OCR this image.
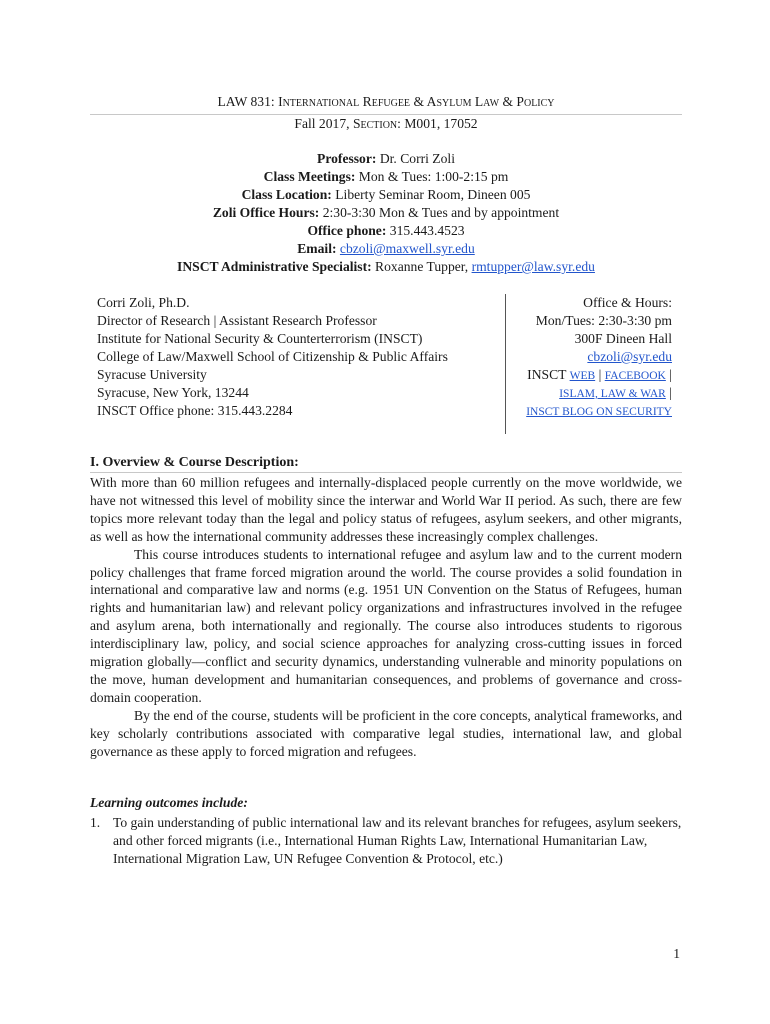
LAW 831: International Refugee & Asylum Law & Policy
Fall 2017, Section: M001, 17052
Professor: Dr. Corri Zoli
Class Meetings: Mon & Tues: 1:00-2:15 pm
Class Location: Liberty Seminar Room, Dineen 005
Zoli Office Hours: 2:30-3:30 Mon & Tues and by appointment
Office phone: 315.443.4523
Email: cbzoli@maxwell.syr.edu
INSCT Administrative Specialist: Roxanne Tupper, rmtupper@law.syr.edu
Corri Zoli, Ph.D.
Director of Research | Assistant Research Professor
Institute for National Security & Counterterrorism (INSCT)
College of Law/Maxwell School of Citizenship & Public Affairs
Syracuse University
Syracuse, New York, 13244
INSCT Office phone: 315.443.2284
Office & Hours:
Mon/Tues: 2:30-3:30 pm
300F Dineen Hall
cbzoli@syr.edu
INSCT WEB | FACEBOOK |
ISLAM, LAW & WAR |
INSCT BLOG ON SECURITY
I. Overview & Course Description:

With more than 60 million refugees and internally-displaced people currently on the move worldwide, we have not witnessed this level of mobility since the interwar and World War II period. As such, there are few topics more relevant today than the legal and policy status of refugees, asylum seekers, and other migrants, as well as how the international community addresses these increasingly complex challenges.

This course introduces students to international refugee and asylum law and to the current modern policy challenges that frame forced migration around the world. The course provides a solid foundation in international and comparative law and norms (e.g. 1951 UN Convention on the Status of Refugees, human rights and humanitarian law) and relevant policy organizations and infrastructures involved in the refugee and asylum arena, both internationally and regionally. The course also introduces students to rigorous interdisciplinary law, policy, and social science approaches for analyzing cross-cutting issues in forced migration globally—conflict and security dynamics, understanding vulnerable and minority populations on the move, human development and humanitarian consequences, and problems of governance and cross-domain cooperation.

By the end of the course, students will be proficient in the core concepts, analytical frameworks, and key scholarly contributions associated with comparative legal studies, international law, and global governance as these apply to forced migration and refugees.

Learning outcomes include:
1. To gain understanding of public international law and its relevant branches for refugees, asylum seekers, and other forced migrants (i.e., International Human Rights Law, International Humanitarian Law, International Migration Law, UN Refugee Convention & Protocol, etc.)
1
